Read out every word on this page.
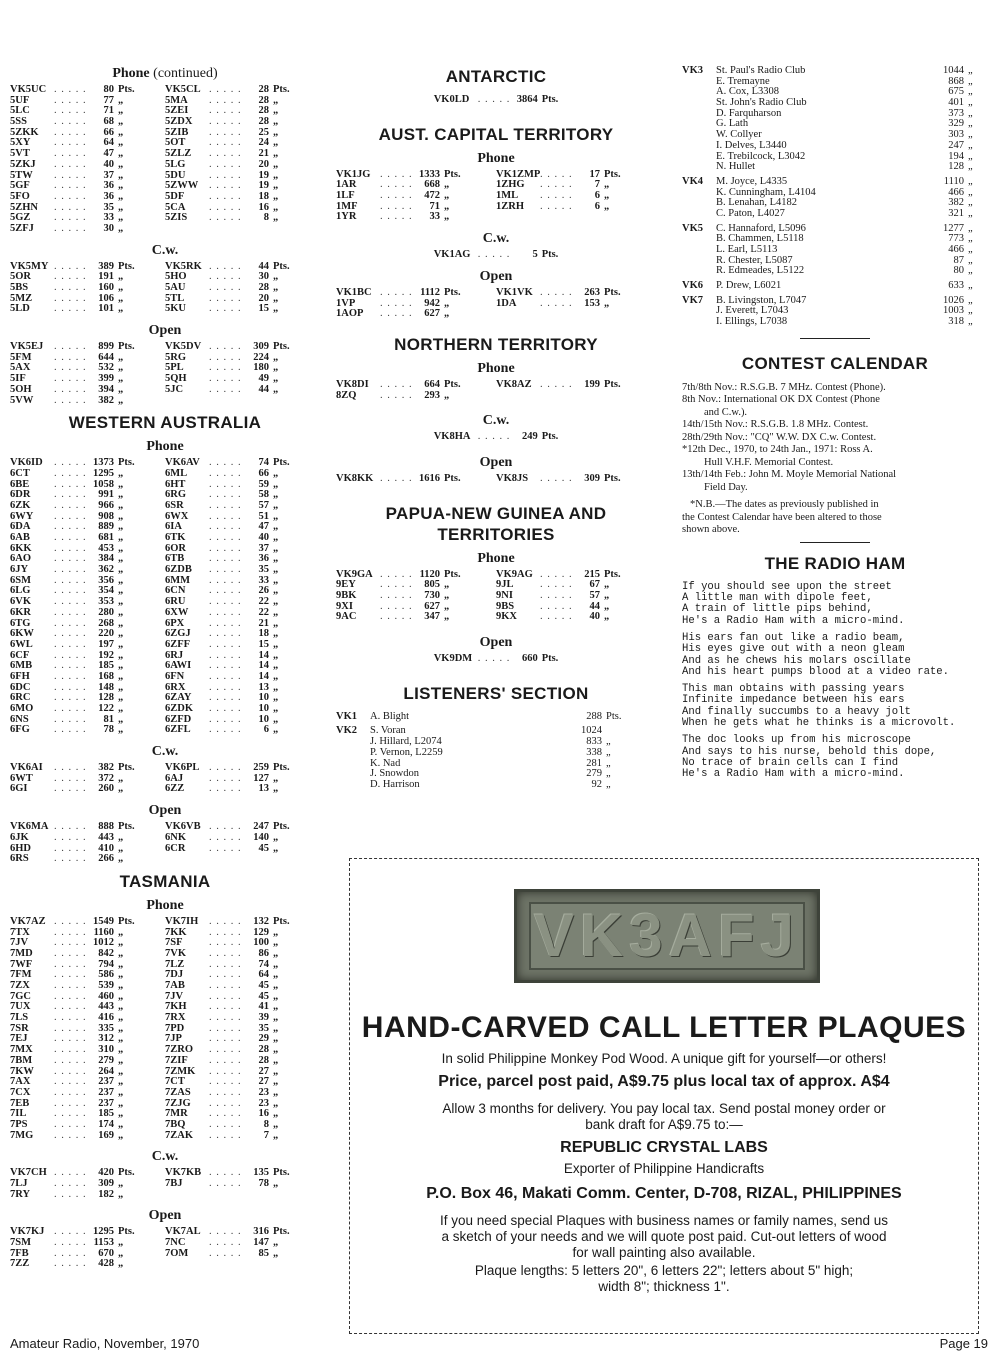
Phone (continued)
VK5UC . . . . .	80 Pts.	VK5CL . . . . .	28 Pts.
5UF	. . . . .	77 „	5MA	. . . . .	28 „
5LC	. . . . .	71 „	5ZEI	. . . . .	28 „
5SS	. . . . .	68 „	5ZDX	. . . . .	28 „
5ZKK	. . . . .	66 „	5ZIB	. . . . .	25 „
5XY	. . . . .	64 „	5OT	. . . . .	24 „
5VT	. . . . .	47 „	5ZLZ	. . . . .	21 „
5ZKJ	. . . . .	40 „	5LG	. . . . .	20 „
5TW	. . . . .	37 „	5DU	. . . . .	19 „
5GF	. . . . .	36 „	5ZWW	. . . . .	19 „
5FO	. . . . .	36 „	5DF	. . . . .	18 „
5ZHN	. . . . .	35 „	5CA	. . . . .	16 „
5GZ	. . . . .	33 „	5ZIS	. . . . .	8 „
5ZFJ	. . . . .	30 „
C.w.
VK5MY . . . . .	389 Pts.	VK5RK . . . . .	44 Pts.
5OR	. . . . .	191 „	5HO	. . . . .	30 „
5BS	. . . . .	160 „	5AU	. . . . .	28 „
5MZ	. . . . .	106 „	5TL	. . . . .	20 „
5LD	. . . . .	101 „	5KU	. . . . .	15 „
Open
VK5EJ	. . . . .	899 Pts.	VK5DV . . . . .	309 Pts.
5FM	. . . . .	644 „	5RG	. . . . .	224 „
5AX	. . . . .	532 „	5PL	. . . . .	180 „
5IF	. . . . .	399 „	5QH	. . . . .	49 „
5OH	. . . . .	394 „	5JC	. . . . .	44 „
5VW	. . . . .	382 „
WESTERN AUSTRALIA
Phone
VK6ID	. . . . . 1373 Pts.	VK6AV . . . . .	74 Pts.
6CT	. . . . . 1295 „	6ML	. . . . .	66 „
6BE	. . . . . 1058 „	6HT	. . . . .	59 „
6DR	. . . . .	991 „	6RG	. . . . .	58 „
6ZK	. . . . .	966 „	6SR	. . . . .	57 „
6WY	. . . . .	908 „	6WX	. . . . .	51 „
6DA	. . . . .	889 „	6IA	. . . . .	47 „
6AB	. . . . .	681 „	6TK	. . . . .	40 „
6KK	. . . . .	453 „	6OR	. . . . .	37 „
6AO	. . . . .	384 „	6TB	. . . . .	36 „
6JY	. . . . .	362 „	6ZDB	. . . . .	35 „
6SM	. . . . .	356 „	6MM	. . . . .	33 „
6LG	. . . . .	354 „	6CN	. . . . .	26 „
6VK	. . . . .	353 „	6RU	. . . . .	22 „
6KR	. . . . .	280 „	6XW	. . . . .	22 „
6TG	. . . . .	268 „	6PX	. . . . .	21 „
6KW	. . . . .	220 „	6ZGJ	. . . . .	18 „
6WL	. . . . .	197 „	6ZFF	. . . . .	15 „
6CF	. . . . .	192 „	6RJ	. . . . .	14 „
6MB	. . . . .	185 „	6AWI	. . . . .	14 „
6FH	. . . . .	168 „	6FN	. . . . .	14 „
6DC	. . . . .	148 „	6RX	. . . . .	13 „
6RC	. . . . .	128 „	6ZAY	. . . . .	10 „
6MO	. . . . .	122 „	6ZDK	. . . . .	10 „
6NS	. . . . .	81 „	6ZFD	. . . . .	10 „
6FG	. . . . .	78 „	6ZFL	. . . . .	6 „
C.w.
VK6AI	. . . . .	382 Pts.	VK6PL . . . . .	259 Pts.
6WT	. . . . .	372 „	6AJ	. . . . .	127 „
6GI	. . . . .	260 „	6ZZ	. . . . .	13 „
Open
VK6MA . . . . .	888 Pts.	VK6VB . . . . .	247 Pts.
6JK	. . . . .	443 „	6NK	. . . . .	140 „
6HD	. . . . .	410 „	6CR	. . . . .	45 „
6RS	. . . . .	266 „
TASMANIA
Phone
VK7AZ . . . . . 1549 Pts.	VK7IH	. . . . .	132 Pts.
7TX	. . . . . 1160 „	7KK	. . . . .	129 „
7JV	. . . . . 1012 „	7SF	. . . . .	100 „
7MD	. . . . .	842 „	7VK	. . . . .	86 „
7WF	. . . . .	794 „	7LZ	. . . . .	74 „
7FM	. . . . .	586 „	7DJ	. . . . .	64 „
7ZX	. . . . .	539 „	7AB	. . . . .	45 „
7GC	. . . . .	460 „	7JV	. . . . .	45 „
7UX	. . . . .	443 „	7KH	. . . . .	41 „
7LS	. . . . .	416 „	7RX	. . . . .	39 „
7SR	. . . . .	335 „	7PD	. . . . .	35 „
7EJ	. . . . .	312 „	7JP	. . . . .	29 „
7MX	. . . . .	310 „	7ZRO	. . . . .	28 „
7BM	. . . . .	279 „	7ZIF	. . . . .	28 „
7KW	. . . . .	264 „	7ZMK	. . . . .	27 „
7AX	. . . . .	237 „	7CT	. . . . .	27 „
7CX	. . . . .	237 „	7ZAS	. . . . .	23 „
7EB	. . . . .	237 „	7ZJG	. . . . .	23 „
7IL	. . . . .	185 „	7MR	. . . . .	16 „
7PS	. . . . .	174 „	7BQ	. . . . .	8 „
7MG	. . . . .	169 „	7ZAK	. . . . .	7 „
C.w.
VK7CH . . . . .	420 Pts.	VK7KB . . . . .	135 Pts.
7LJ	. . . . .	309 „	7BJ	. . . . .	78 „
7RY	. . . . .	182 „
Open
VK7KJ . . . . . 1295 Pts.	VK7AL . . . . .	316 Pts.
7SM	. . . . . 1153 „	7NC	. . . . .	147 „
7FB	. . . . .	670 „	7OM	. . . . .	85 „
7ZZ	. . . . .	428 „
ANTARCTIC
VK0LD . . . . . 3864 Pts.
AUST. CAPITAL TERRITORY
Phone
VK1JG . . . . . 1333 Pts.	VK1ZMP . . . . .	17 Pts.
1AR	. . . . .	668 „	1ZHG	. . . . .	7 „
1LF	. . . . .	472 „	1ML	. . . . .	6 „
1MF	. . . . .	71 „	1ZRH	. . . . .	6 „
1YR	. . . . .	33 „
C.w.
VK1AG . . . . .	5 Pts.
Open
VK1BC . . . . . 1112 Pts.	VK1VK . . . . .	263 Pts.
1VP	. . . . .	942 „	1DA	. . . . .	153 „
1AOP	. . . . .	627 „
NORTHERN TERRITORY
Phone
VK8DI	. . . . .	664 Pts.	VK8AZ . . . . .	199 Pts.
8ZQ	. . . . .	293 „
C.w.
VK8HA . . . . .	249 Pts.
Open
VK8KK . . . . . 1616 Pts.	VK8JS	. . . . .	309 Pts.
PAPUA-NEW GUINEA AND
TERRITORIES
Phone
VK9GA . . . . . 1120 Pts.	VK9AG . . . . .	215 Pts.
9EY	. . . . .	805 „	9JL	. . . . .	67 „
9BK	. . . . .	730 „	9NI	. . . . .	57 „
9XI	. . . . .	627 „	9BS	. . . . .	44 „
9AC	. . . . .	347 „	9KX	. . . . .	40 „
Open
VK9DM . . . . .	660 Pts.
LISTENERS' SECTION
VK1	A. Blight	288 Pts.
VK2	S. Voran	1024
J. Hillard, L2074	833 „
P. Vernon, L2259	338 „
K. Nad	281 „
J. Snowdon	279 „
D. Harrison	92 „
VK3	St. Paul's Radio Club	1044 „
E. Tremayne	868 „
A. Cox, L3308	675 „
St. John's Radio Club	401 „
D. Farquharson	373 „
G. Lath	329 „
W. Collyer	303 „
I. Delves, L3440	247 „
E. Trebilcock, L3042	194 „
N. Hullet	128 „
VK4	M. Joyce, L4335	1110 „
K. Cunningham, L4104	466 „
B. Lenahan, L4182	382 „
C. Paton, L4027	321 „
VK5	C. Hannaford, L5096	1277 „
B. Chammen, L5118	773 „
L. Earl, L5113	466 „
R. Chester, L5087	87 „
R. Edmeades, L5122	80 „
VK6	P. Drew, L6021	633 „
VK7	B. Livingston, L7047	1026 „
J. Everett, L7043	1003 „
I. Ellings, L7038	318 „
CONTEST CALENDAR
7th/8th Nov.: R.S.G.B. 7 MHz. Contest (Phone).
8th Nov.: International OK DX Contest (Phone
and C.w.).
14th/15th Nov.: R.S.G.B. 1.8 MHz. Contest.
28th/29th Nov.: "CQ" W.W. DX C.w. Contest.
*12th Dec., 1970, to 24th Jan., 1971: Ross A.
Hull V.H.F. Memorial Contest.
13th/14th Feb.: John M. Moyle Memorial National
Field Day.
*N.B.—The dates as previously published in
the Contest Calendar have been altered to those
shown above.
THE RADIO HAM
If you should see upon the street
A little man with dipole feet,
A train of little pips behind,
He's a Radio Ham with a micro-mind.
His ears fan out like a radio beam,
His eyes give out with a neon gleam
And as he chews his molars oscillate
And his heart pumps blood at a video rate.
This man obtains with passing years
Infinite impedance between his ears
And finally succumbs to a heavy jolt
When he gets what he thinks is a microvolt.
The doc looks up from his microscope
And says to his nurse, behold this dope,
No trace of brain cells can I find
He's a Radio Ham with a micro-mind.
VK3AFJ
HAND-CARVED CALL LETTER PLAQUES
In solid Philippine Monkey Pod Wood. A unique gift for yourself—or others!
Price, parcel post paid, A$9.75 plus local tax of approx. A$4
Allow 3 months for delivery. You pay local tax. Send postal money order or
bank draft for A$9.75 to:—
REPUBLIC CRYSTAL LABS
Exporter of Philippine Handicrafts
P.O. Box 46, Makati Comm. Center, D-708, RIZAL, PHILIPPINES
If you need special Plaques with business names or family names, send us
a sketch of your needs and we will quote post paid. Cut-out letters of wood
for wall painting also available.
Plaque lengths: 5 letters 20", 6 letters 22"; letters about 5" high;
width 8"; thickness 1".
Amateur Radio, November, 1970	Page 19
